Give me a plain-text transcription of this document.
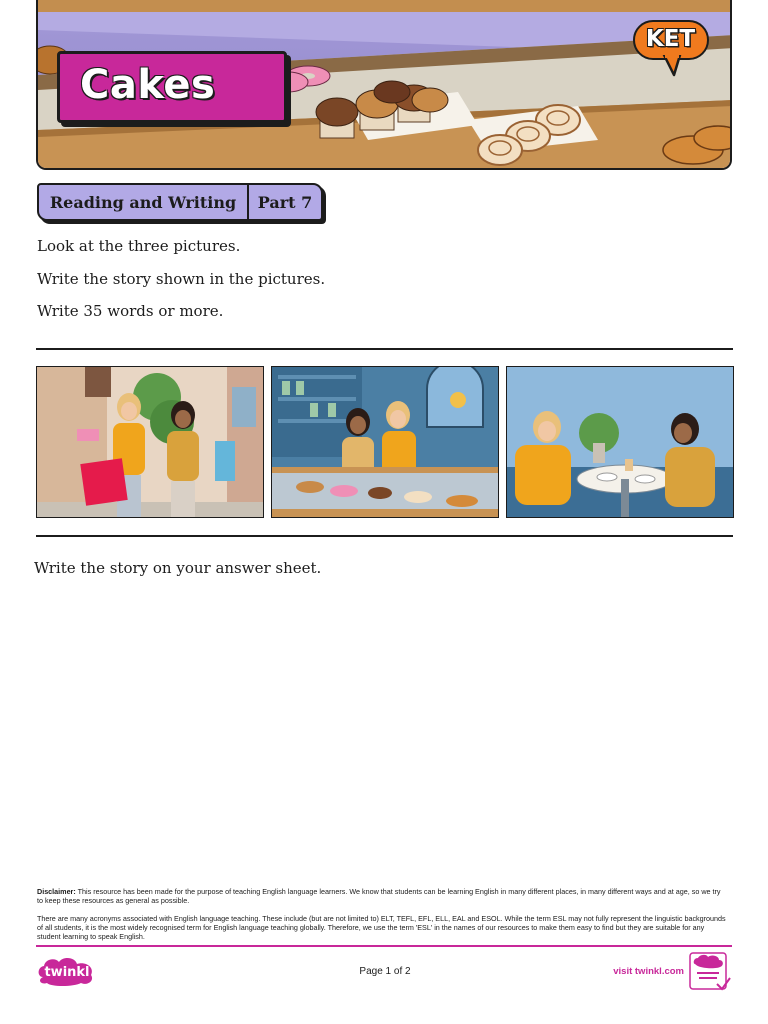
Cakes
KET
Reading and Writing	Part 7
Look at the three pictures.
Write the story shown in the pictures.
Write 35 words or more.
Write the story on your answer sheet.
Disclaimer: This resource has been made for the purpose of teaching English language learners. We know that students can be learning English in many different places, in many different ways and at age, so we try to keep these resources as general as possible.
There are many acronyms associated with English language teaching. These include (but are not limited to) ELT, TEFL, EFL, ELL, EAL and ESOL. While the term ESL may not fully represent the linguistic backgrounds of all students, it is the most widely recognised term for English language teaching globally. Therefore, we use the term 'ESL' in the names of our resources to make them easy to find but they are suitable for any student learning to speak English.
twinkl	Page 1 of 2	visit twinkl.com
